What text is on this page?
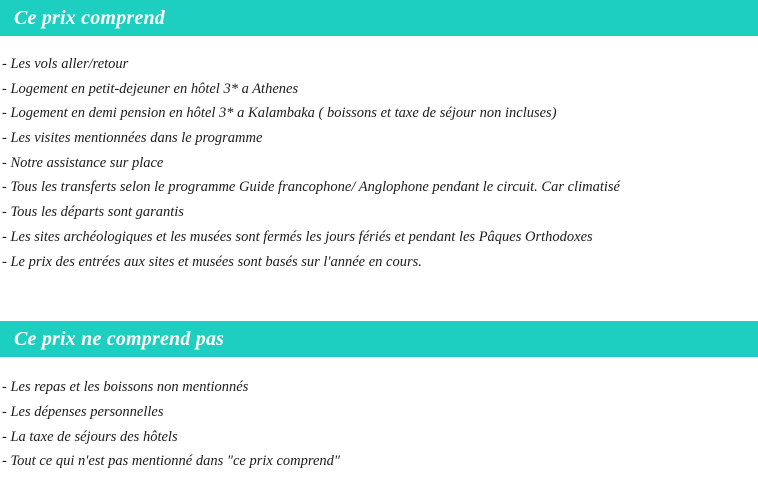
Ce prix comprend
- Les vols aller/retour
- Logement en petit-dejeuner en hôtel 3* a Athenes
- Logement en demi pension en hôtel 3* a Kalambaka ( boissons et taxe de séjour non incluses)
- Les visites mentionnées dans le programme
- Notre assistance sur place
- Tous les transferts selon le programme Guide francophone/ Anglophone pendant le circuit. Car climatisé
- Tous les départs sont garantis
- Les sites archéologiques et les musées sont fermés les jours fériés et pendant les Pâques Orthodoxes
- Le prix des entrées aux sites et musées sont basés sur l'année en cours.
Ce prix ne comprend pas
- Les repas et les boissons non mentionnés
- Les dépenses personnelles
- La taxe de séjours des hôtels
- Tout ce qui n'est pas mentionné dans "ce prix comprend"
